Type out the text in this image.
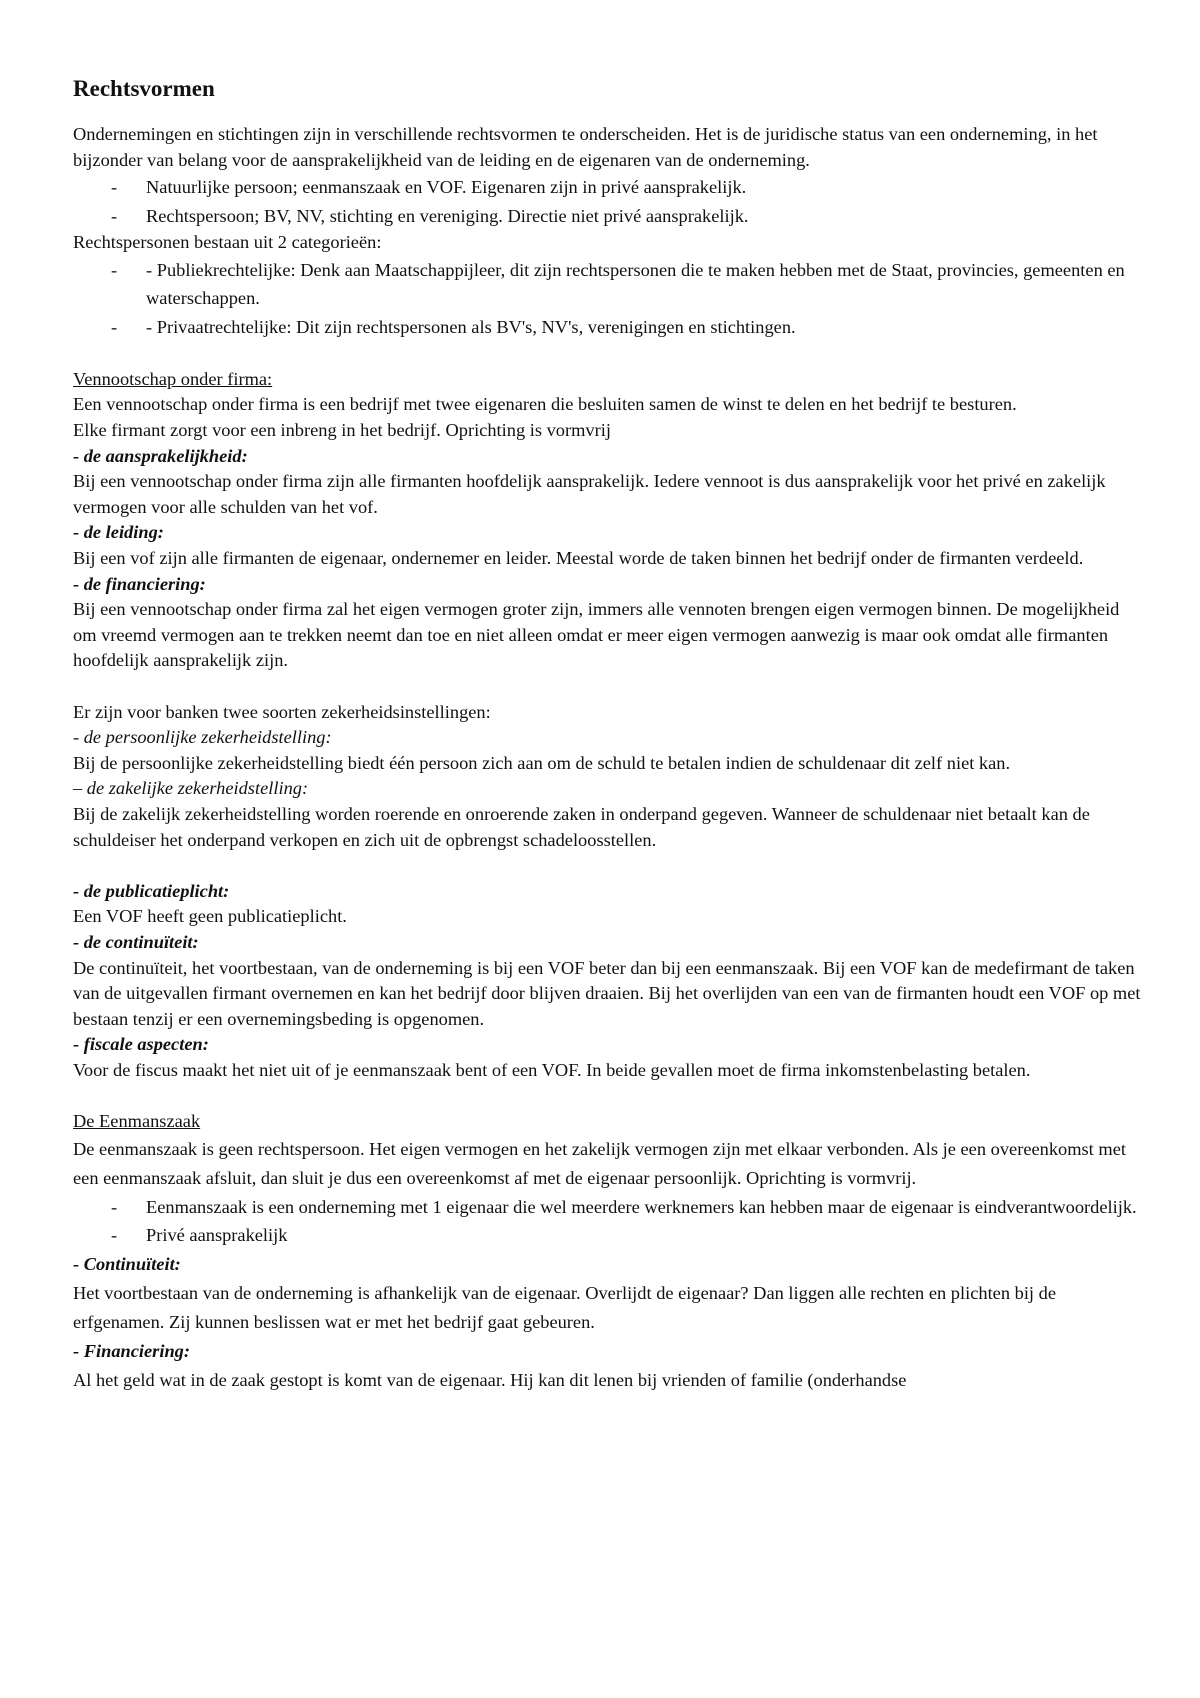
Rechtsvormen

Ondernemingen en stichtingen zijn in verschillende rechtsvormen te onderscheiden. Het is de juridische status van een onderneming, in het bijzonder van belang voor de aansprakelijkheid van de leiding en de eigenaren van de onderneming.

- Natuurlijke persoon; eenmanszaak en VOF. Eigenaren zijn in privé aansprakelijk.
- Rechtspersoon; BV, NV, stichting en vereniging. Directie niet privé aansprakelijk.

Rechtspersonen bestaan uit 2 categorieën:

- - Publiekrechtelijke: Denk aan Maatschappijleer, dit zijn rechtspersonen die te maken hebben met de Staat, provincies, gemeenten en waterschappen.
- - Privaatrechtelijke: Dit zijn rechtspersonen als BV's, NV's, verenigingen en stichtingen.

Vennootschap onder firma:

Een vennootschap onder firma is een bedrijf met twee eigenaren die besluiten samen de winst te delen en het bedrijf te besturen.

Elke firmant zorgt voor een inbreng in het bedrijf. Oprichting is vormvrij

- de aansprakelijkheid:

Bij een vennootschap onder firma zijn alle firmanten hoofdelijk aansprakelijk. Iedere vennoot is dus aansprakelijk voor het privé en zakelijk vermogen voor alle schulden van het vof.

- de leiding:

Bij een vof zijn alle firmanten de eigenaar, ondernemer en leider. Meestal worde de taken binnen het bedrijf onder de firmanten verdeeld.

- de financiering:

Bij een vennootschap onder firma zal het eigen vermogen groter zijn, immers alle vennoten brengen eigen vermogen binnen. De mogelijkheid om vreemd vermogen aan te trekken neemt dan toe en niet alleen omdat er meer eigen vermogen aanwezig is maar ook omdat alle firmanten hoofdelijk aansprakelijk zijn.

Er zijn voor banken twee soorten zekerheidsinstellingen:

- de persoonlijke zekerheidstelling:

Bij de persoonlijke zekerheidstelling biedt één persoon zich aan om de schuld te betalen indien de schuldenaar dit zelf niet kan.

– de zakelijke zekerheidstelling:

Bij de zakelijk zekerheidstelling worden roerende en onroerende zaken in onderpand gegeven. Wanneer de schuldenaar niet betaalt kan de schuldeiser het onderpand verkopen en zich uit de opbrengst schadeloosstellen.

- de publicatieplicht:

Een VOF heeft geen publicatieplicht.

- de continuïteit:

De continuïteit, het voortbestaan, van de onderneming is bij een VOF beter dan bij een eenmanszaak. Bij een VOF kan de medefirmant de taken van de uitgevallen firmant overnemen en kan het bedrijf door blijven draaien. Bij het overlijden van een van de firmanten houdt een VOF op met bestaan tenzij er een overnemingsbeding is opgenomen.

- fiscale aspecten:

Voor de fiscus maakt het niet uit of je eenmanszaak bent of een VOF. In beide gevallen moet de firma inkomstenbelasting betalen.

De Eenmanszaak

De eenmanszaak is geen rechtspersoon. Het eigen vermogen en het zakelijk vermogen zijn met elkaar verbonden. Als je een overeenkomst met een eenmanszaak afsluit, dan sluit je dus een overeenkomst af met de eigenaar persoonlijk. Oprichting is vormvrij.

- Eenmanszaak is een onderneming met 1 eigenaar die wel meerdere werknemers kan hebben maar de eigenaar is eindverantwoordelijk.
- Privé aansprakelijk

- Continuïteit:

Het voortbestaan van de onderneming is afhankelijk van de eigenaar. Overlijdt de eigenaar? Dan liggen alle rechten en plichten bij de erfgenamen. Zij kunnen beslissen wat er met het bedrijf gaat gebeuren.

- Financiering:

Al het geld wat in de zaak gestopt is komt van de eigenaar. Hij kan dit lenen bij vrienden of familie (onderhandse
